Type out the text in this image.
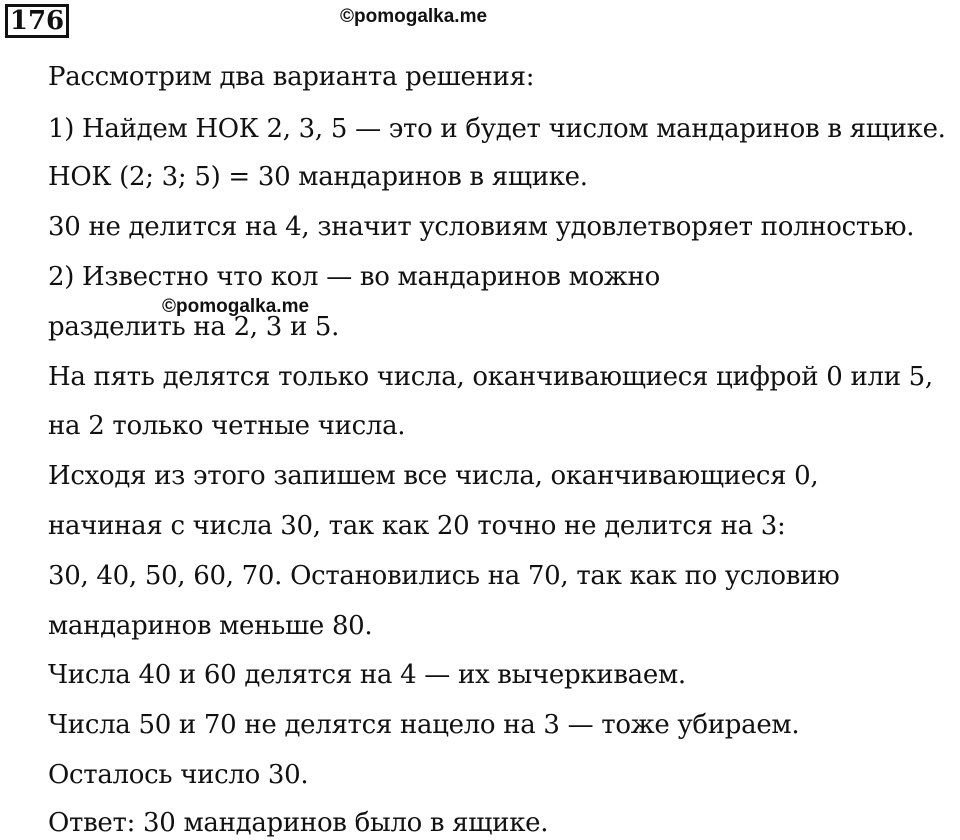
176	©pomogalka.me
Рассмотрим два варианта решения:
1) Найдем НОК 2, 3, 5 — это и будет числом мандаринов в ящике.
НОК (2; 3; 5) = 30 мандаринов в ящике.
30 не делится на 4, значит условиям удовлетворяет полностью.
2) Известно что кол — во мандаринов можно
разделить на 2, 3 и 5.
На пять делятся только числа, оканчивающиеся цифрой 0 или 5,
на 2 только четные числа.
Исходя из этого запишем все числа, оканчивающиеся 0,
начиная с числа 30, так как 20 точно не делится на 3:
30, 40, 50, 60, 70. Остановились на 70, так как по условию
мандаринов меньше 80.
Числа 40 и 60 делятся на 4 — их вычеркиваем.
Числа 50 и 70 не делятся нацело на 3 — тоже убираем.
Осталось число 30.
Ответ: 30 мандаринов было в ящике.
©pomogalka.me
